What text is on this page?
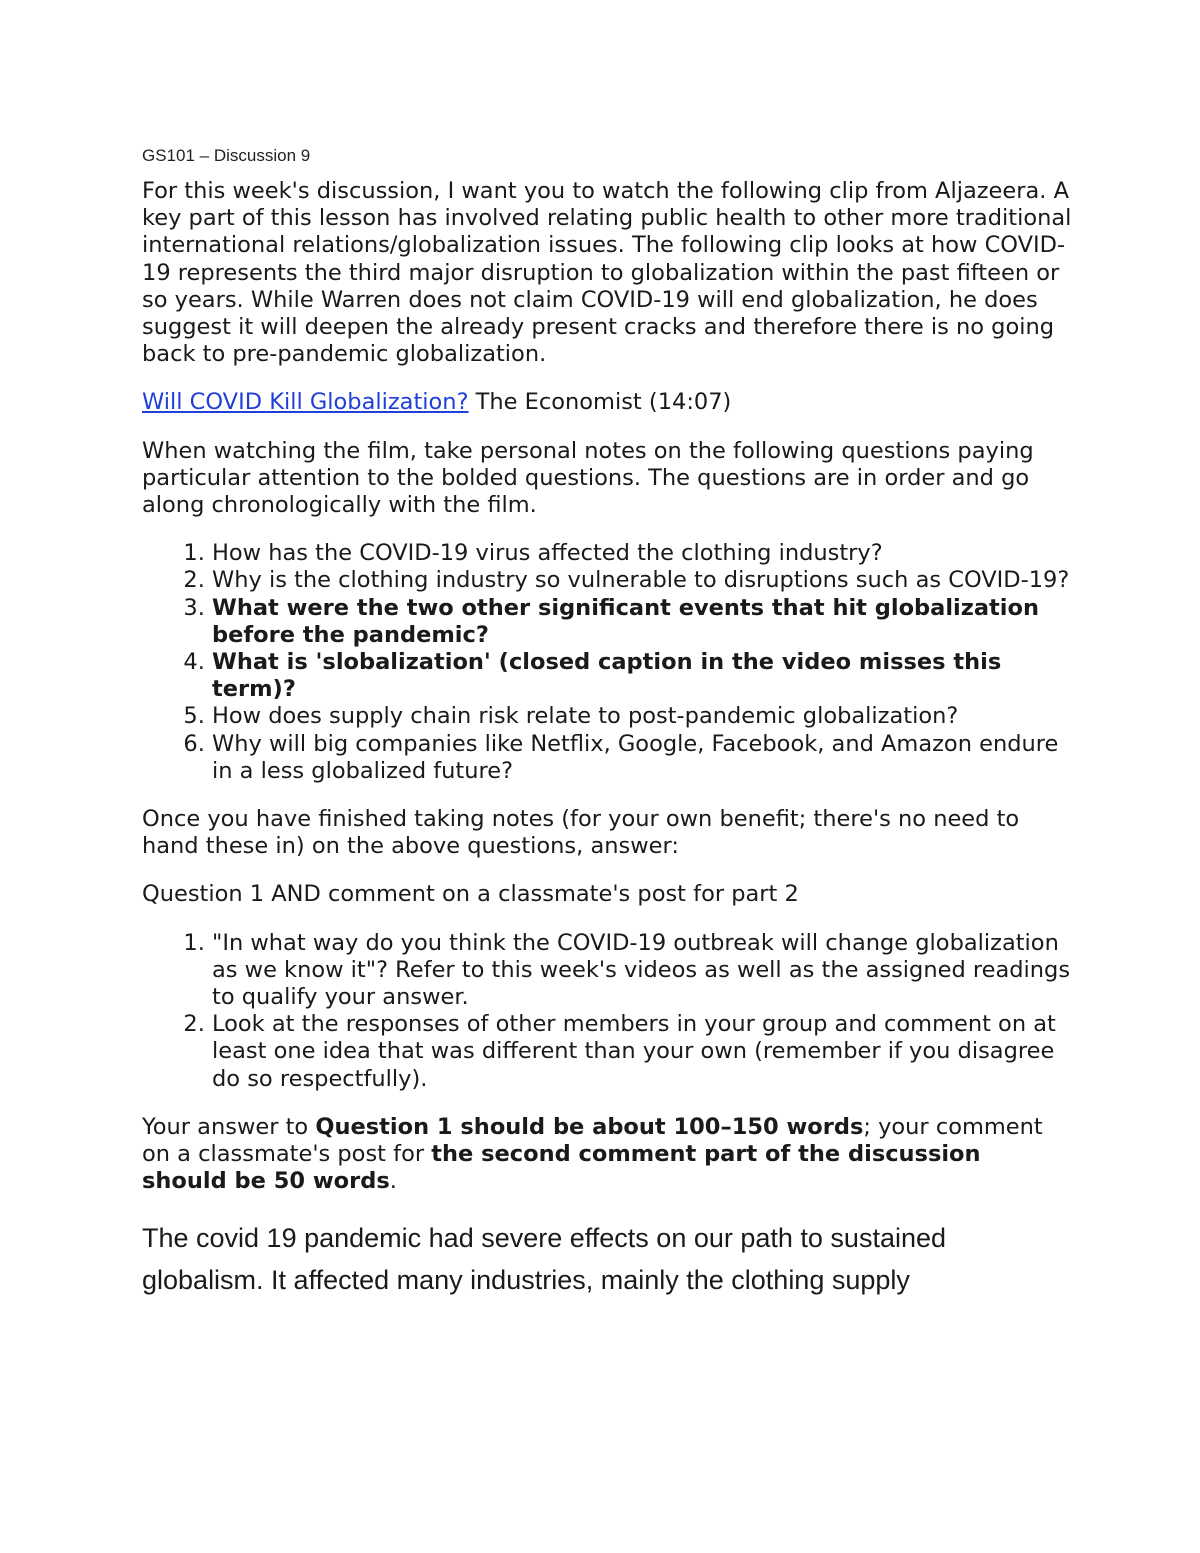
GS101 – Discussion 9

For this week's discussion, I want you to watch the following clip from Aljazeera. A key part of this lesson has involved relating public health to other more traditional international relations/globalization issues. The following clip looks at how COVID-19 represents the third major disruption to globalization within the past fifteen or so years. While Warren does not claim COVID-19 will end globalization, he does suggest it will deepen the already present cracks and therefore there is no going back to pre-pandemic globalization.

Will COVID Kill Globalization? The Economist (14:07)

When watching the film, take personal notes on the following questions paying particular attention to the bolded questions. The questions are in order and go along chronologically with the film.

1. How has the COVID-19 virus affected the clothing industry?
2. Why is the clothing industry so vulnerable to disruptions such as COVID-19?
3. What were the two other significant events that hit globalization before the pandemic?
4. What is 'slobalization' (closed caption in the video misses this term)?
5. How does supply chain risk relate to post-pandemic globalization?
6. Why will big companies like Netflix, Google, Facebook, and Amazon endure in a less globalized future?

Once you have finished taking notes (for your own benefit; there's no need to hand these in) on the above questions, answer:

Question 1 AND comment on a classmate's post for part 2

1. "In what way do you think the COVID-19 outbreak will change globalization as we know it"? Refer to this week's videos as well as the assigned readings to qualify your answer.
2. Look at the responses of other members in your group and comment on at least one idea that was different than your own (remember if you disagree do so respectfully).

Your answer to Question 1 should be about 100–150 words; your comment on a classmate's post for the second comment part of the discussion should be 50 words.

The covid 19 pandemic had severe effects on our path to sustained globalism. It affected many industries, mainly the clothing supply
